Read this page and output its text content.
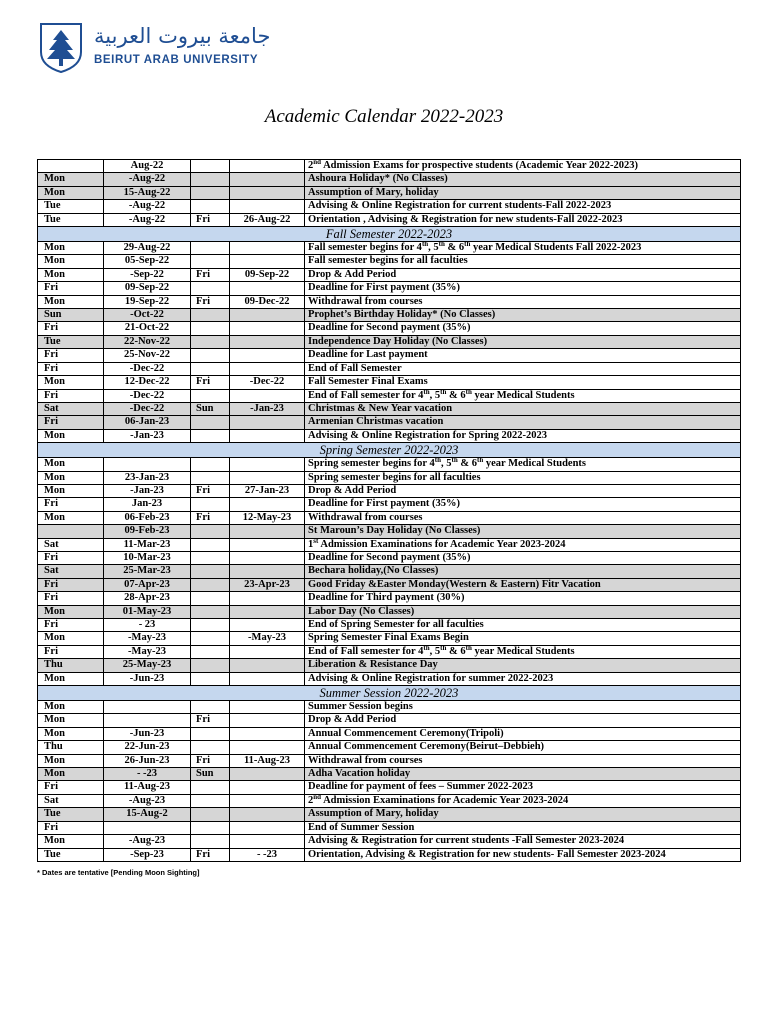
جامعة بيروت العربية
BEIRUT ARAB UNIVERSITY
Academic Calendar 2022-2023
	Aug-22			2nd Admission Exams for prospective students (Academic Year 2022-2023)
Mon	-Aug-22			Ashoura Holiday* (No Classes)
Mon	15-Aug-22			Assumption of Mary, holiday
Tue	-Aug-22			Advising & Online Registration for current students-Fall 2022-2023
Tue	-Aug-22	Fri	26-Aug-22	Orientation , Advising & Registration for new students-Fall 2022-2023
Fall Semester 2022-2023				
Mon	29-Aug-22			Fall semester begins for 4th, 5th & 6th year Medical Students Fall 2022-2023
Mon	05-Sep-22			Fall semester begins for all faculties
Mon	-Sep-22	Fri	09-Sep-22	Drop & Add Period
Fri	09-Sep-22			Deadline for First payment (35%)
Mon	19-Sep-22	Fri	09-Dec-22	Withdrawal from courses
Sun	-Oct-22			Prophet’s Birthday Holiday* (No Classes)
Fri	21-Oct-22			Deadline for Second payment (35%)
Tue	22-Nov-22			Independence Day Holiday (No Classes)
Fri	25-Nov-22			Deadline for Last payment
Fri	-Dec-22			End of Fall Semester
Mon	12-Dec-22	Fri	-Dec-22	Fall Semester Final Exams
Fri	-Dec-22			End of Fall semester for 4th, 5th & 6th year Medical Students
Sat	-Dec-22	Sun	-Jan-23	Christmas & New Year vacation
Fri	06-Jan-23			Armenian Christmas vacation
Mon	-Jan-23			Advising & Online Registration for Spring 2022-2023
Spring Semester 2022-2023				
Mon				Spring semester begins for 4th, 5th & 6th year Medical Students
Mon	23-Jan-23			Spring semester begins for all faculties
Mon	-Jan-23	Fri	27-Jan-23	Drop & Add Period
Fri	Jan-23			Deadline for First payment (35%)
Mon	06-Feb-23	Fri	12-May-23	Withdrawal from courses
	09-Feb-23			St Maroun’s Day Holiday (No Classes)
Sat	11-Mar-23			1st Admission Examinations for Academic Year 2023-2024
Fri	10-Mar-23			Deadline for Second payment (35%)
Sat	25-Mar-23			Bechara holiday,(No Classes)
Fri	07-Apr-23		23-Apr-23	Good Friday &Easter Monday(Western & Eastern) Fitr Vacation
Fri	28-Apr-23			Deadline for Third payment (30%)
Mon	01-May-23			Labor Day (No Classes)
Fri	- 23			End of Spring Semester for all faculties
Mon	-May-23		-May-23	Spring Semester Final Exams Begin
Fri	-May-23			End of Fall semester for 4th, 5th & 6th year Medical Students
Thu	25-May-23			Liberation & Resistance Day
Mon	-Jun-23			Advising & Online Registration for summer 2022-2023
Summer Session 2022-2023				
Mon				Summer Session begins
Mon		Fri		Drop & Add Period
Mon	-Jun-23			Annual Commencement Ceremony(Tripoli)
Thu	22-Jun-23			Annual Commencement Ceremony(Beirut–Debbieh)
Mon	26-Jun-23	Fri	11-Aug-23	Withdrawal from courses
Mon	- -23	Sun		Adha Vacation holiday
Fri	11-Aug-23			Deadline for payment of fees – Summer 2022-2023
Sat	-Aug-23			2nd Admission Examinations for Academic Year 2023-2024
Tue	15-Aug-2			Assumption of Mary, holiday
Fri				End of Summer Session
Mon	-Aug-23			Advising & Registration for current students -Fall Semester 2023-2024
Tue	-Sep-23	Fri	- -23	Orientation, Advising & Registration for new students- Fall Semester 2023-2024
* Dates are tentative [Pending Moon Sighting]
